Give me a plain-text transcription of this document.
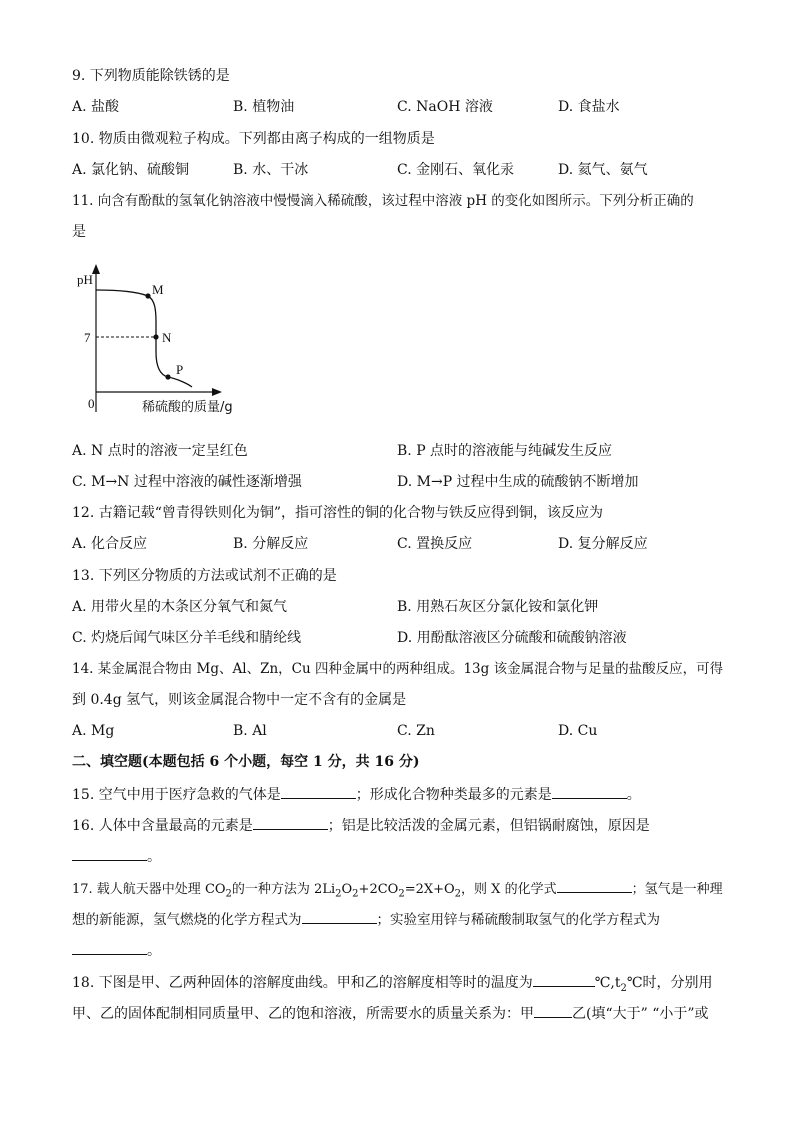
9. 下列物质能除铁锈的是
A. 盐酸	B. 植物油	C. NaOH 溶液	D. 食盐水
10. 物质由微观粒子构成。下列都由离子构成的一组物质是
A. 氯化钠、硫酸铜	B. 水、干冰	C. 金刚石、氧化汞	D. 氦气、氨气
11. 向含有酚酞的氢氧化钠溶液中慢慢滴入稀硫酸，该过程中溶液 pH 的变化如图所示。下列分析正确的
是
pH
0
7
M
N
P
稀硫酸的质量/g
A. N 点时的溶液一定呈红色	B. P 点时的溶液能与纯碱发生反应
C. M→N 过程中溶液的碱性逐渐增强	D. M→P 过程中生成的硫酸钠不断增加
12. 古籍记载“曾青得铁则化为铜”，指可溶性的铜的化合物与铁反应得到铜，该反应为
A. 化合反应	B. 分解反应	C. 置换反应	D. 复分解反应
13. 下列区分物质的方法或试剂不正确的是
A. 用带火星的木条区分氧气和氮气	B. 用熟石灰区分氯化铵和氯化钾
C. 灼烧后闻气味区分羊毛线和腈纶线	D. 用酚酞溶液区分硫酸和硫酸钠溶液
14. 某金属混合物由 Mg、Al、Zn，Cu 四种金属中的两种组成。13g 该金属混合物与足量的盐酸反应，可得
到 0.4g 氢气，则该金属混合物中一定不含有的金属是
A. Mg	B. Al	C. Zn	D. Cu
二、填空题(本题包括 6 个小题，每空 1 分，共 16 分)
15. 空气中用于医疗急救的气体是	；形成化合物种类最多的元素是	。
16. 人体中含量最高的元素是	；铝是比较活泼的金属元素，但铝锅耐腐蚀，原因是
。
17. 载人航天器中处理 $CO_2$的一种方法为 $2Li_2O_2+2CO_2=2X+O_2$，则 X 的化学式	；氢气是一种理
想的新能源，氢气燃烧的化学方程式为	；实验室用锌与稀硫酸制取氢气的化学方程式为
。
18. 下图是甲、乙两种固体的溶解度曲线。甲和乙的溶解度相等时的温度为	$℃,t_2℃$时，分别用
甲、乙的固体配制相同质量甲、乙的饱和溶液，所需要水的质量关系为：甲	乙(填“大于” “小于”或
